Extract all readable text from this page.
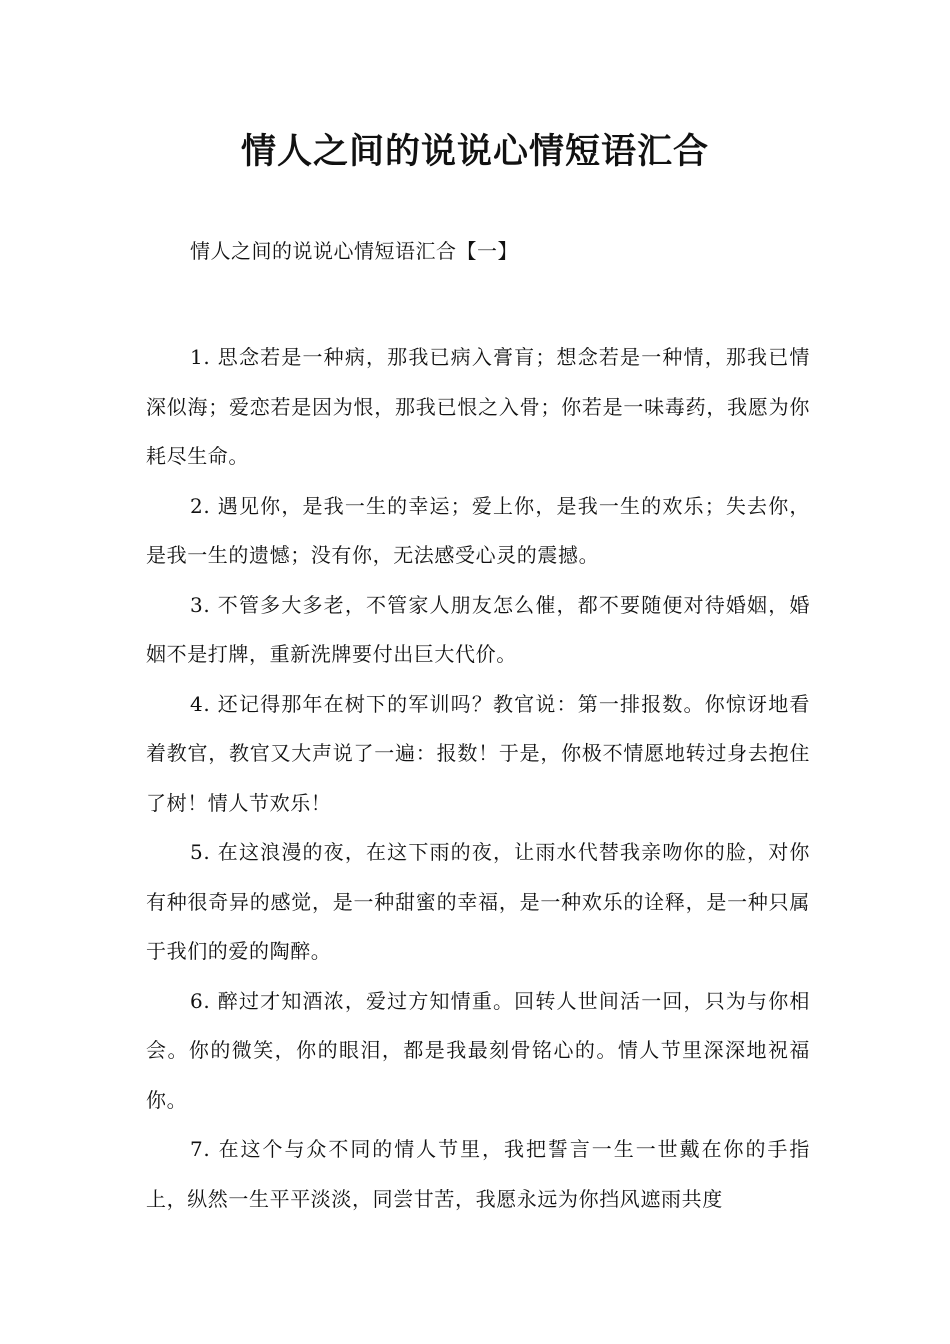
情人之间的说说心情短语汇合

情人之间的说说心情短语汇合【一】

1. 思念若是一种病，那我已病入膏肓；想念若是一种情，那我已情深似海；爱恋若是因为恨，那我已恨之入骨；你若是一味毒药，我愿为你耗尽生命。

2. 遇见你，是我一生的幸运；爱上你，是我一生的欢乐；失去你，是我一生的遗憾；没有你，无法感受心灵的震撼。

3. 不管多大多老，不管家人朋友怎么催，都不要随便对待婚姻，婚姻不是打牌，重新洗牌要付出巨大代价。

4. 还记得那年在树下的军训吗？教官说：第一排报数。你惊讶地看着教官，教官又大声说了一遍：报数！于是，你极不情愿地转过身去抱住了树！情人节欢乐！

5. 在这浪漫的夜，在这下雨的夜，让雨水代替我亲吻你的脸，对你有种很奇异的感觉，是一种甜蜜的幸福，是一种欢乐的诠释，是一种只属于我们的爱的陶醉。

6. 醉过才知酒浓，爱过方知情重。回转人世间活一回，只为与你相会。你的微笑，你的眼泪，都是我最刻骨铭心的。情人节里深深地祝福你。

7. 在这个与众不同的情人节里，我把誓言一生一世戴在你的手指上，纵然一生平平淡淡，同尝甘苦，我愿永远为你挡风遮雨共度
